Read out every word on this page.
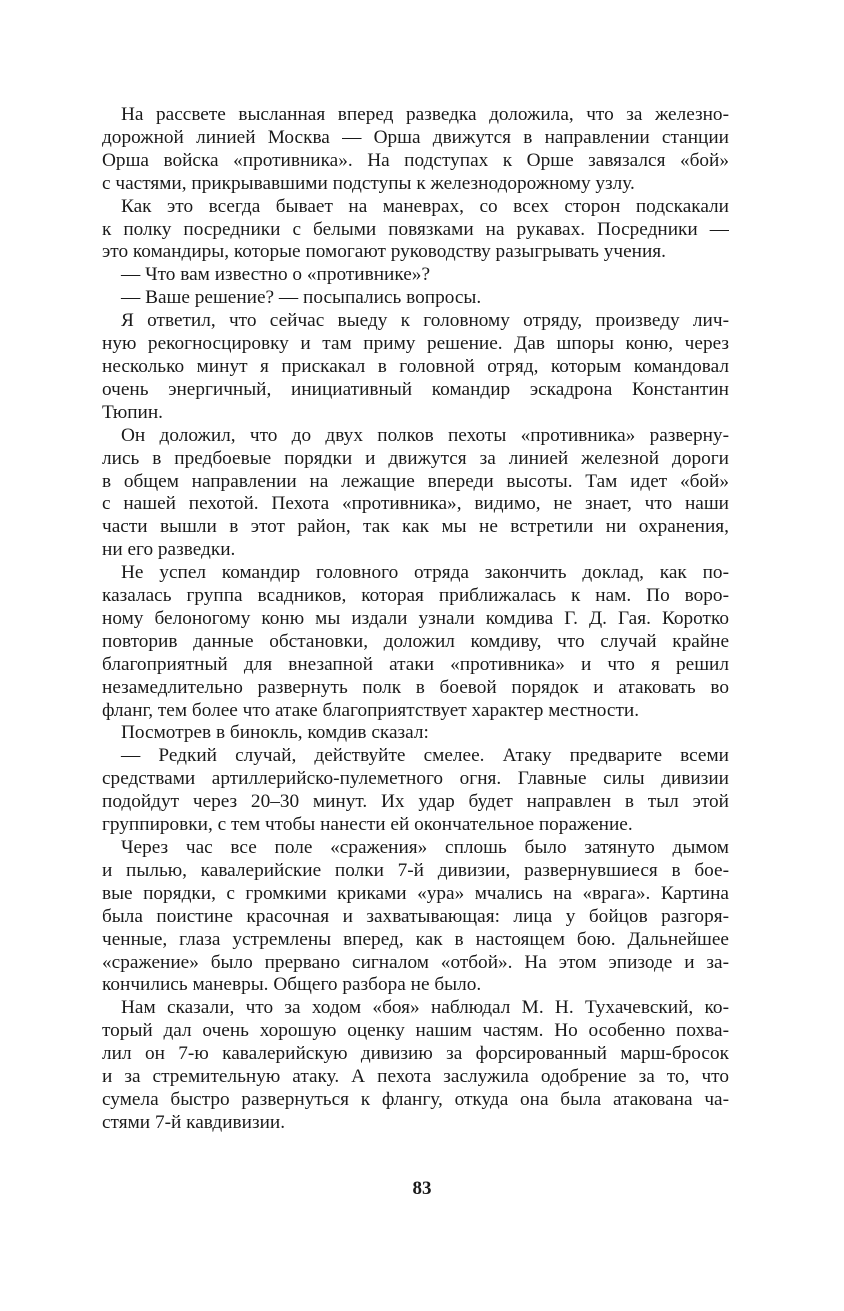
На рассвете высланная вперед разведка доложила, что за железно-
дорожной линией Москва — Орша движутся в направлении станции
Орша войска «противника». На подступах к Орше завязался «бой»
с частями, прикрывавшими подступы к железнодорожному узлу.
Как это всегда бывает на маневрах, со всех сторон подскакали
к полку посредники с белыми повязками на рукавах. Посредники —
это командиры, которые помогают руководству разыгрывать учения.
— Что вам известно о «противнике»?
— Ваше решение? — посыпались вопросы.
Я ответил, что сейчас выеду к головному отряду, произведу лич-
ную рекогносцировку и там приму решение. Дав шпоры коню, через
несколько минут я прискакал в головной отряд, которым командовал
очень энергичный, инициативный командир эскадрона Константин
Тюпин.
Он доложил, что до двух полков пехоты «противника» разверну-
лись в предбоевые порядки и движутся за линией железной дороги
в общем направлении на лежащие впереди высоты. Там идет «бой»
с нашей пехотой. Пехота «противника», видимо, не знает, что наши
части вышли в этот район, так как мы не встретили ни охранения,
ни его разведки.
Не успел командир головного отряда закончить доклад, как по-
казалась группа всадников, которая приближалась к нам. По воро-
ному белоногому коню мы издали узнали комдива Г. Д. Гая. Коротко
повторив данные обстановки, доложил комдиву, что случай крайне
благоприятный для внезапной атаки «противника» и что я решил
незамедлительно развернуть полк в боевой порядок и атаковать во
фланг, тем более что атаке благоприятствует характер местности.
Посмотрев в бинокль, комдив сказал:
— Редкий случай, действуйте смелее. Атаку предварите всеми
средствами артиллерийско-пулеметного огня. Главные силы дивизии
подойдут через 20–30 минут. Их удар будет направлен в тыл этой
группировки, с тем чтобы нанести ей окончательное поражение.
Через час все поле «сражения» сплошь было затянуто дымом
и пылью, кавалерийские полки 7-й дивизии, развернувшиеся в бое-
вые порядки, с громкими криками «ура» мчались на «врага». Картина
была поистине красочная и захватывающая: лица у бойцов разгоря-
ченные, глаза устремлены вперед, как в настоящем бою. Дальнейшее
«сражение» было прервано сигналом «отбой». На этом эпизоде и за-
кончились маневры. Общего разбора не было.
Нам сказали, что за ходом «боя» наблюдал М. Н. Тухачевский, ко-
торый дал очень хорошую оценку нашим частям. Но особенно похва-
лил он 7-ю кавалерийскую дивизию за форсированный марш-бросок
и за стремительную атаку. А пехота заслужила одобрение за то, что
сумела быстро развернуться к флангу, откуда она была атакована ча-
стями 7-й кавдивизии.
83
